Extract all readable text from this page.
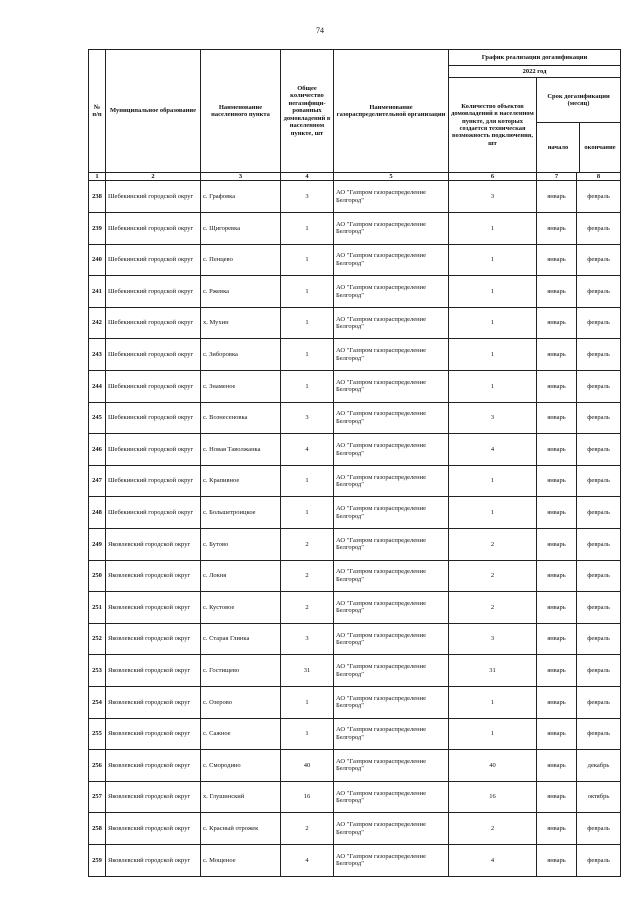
74
№ п/п	Муниципальное образование	Наименование населенного пункта	Общее количество негазифици-рованных домовладений в населенном пункте, шт	Наименование газораспределительной организации	График реализации догазификации		
					2022 год		
					Количество объектов домовладений в населенном пункте, для которых создается техническая возможность подключения, шт	Срок догазификации (месяц)
начало окончание	

1	2	3	4	5	6	7	8
238	Шебекинский городской округ	с. Графовка	3	АО "Газпром газораспределение Белгород"	3	январь	февраль
239	Шебекинский городской округ	с. Щигоревка	1	АО "Газпром газораспределение Белгород"	1	январь	февраль
240	Шебекинский городской округ	с. Пенцево	1	АО "Газпром газораспределение Белгород"	1	январь	февраль
241	Шебекинский городской округ	с. Ржевка	1	АО "Газпром газораспределение Белгород"	1	январь	февраль
242	Шебекинский городской округ	х. Мухин	1	АО "Газпром газораспределение Белгород"	1	январь	февраль
243	Шебекинский городской округ	с. Зиборовка	1	АО "Газпром газораспределение Белгород"	1	январь	февраль
244	Шебекинский городской округ	с. Знаменое	1	АО "Газпром газораспределение Белгород"	1	январь	февраль
245	Шебекинский городской округ	с. Вознесеновка	3	АО "Газпром газораспределение Белгород"	3	январь	февраль
246	Шебекинский городской округ	с. Новая Таволжанка	4	АО "Газпром газораспределение Белгород"	4	январь	февраль
247	Шебекинский городской округ	с. Крапивное	1	АО "Газпром газораспределение Белгород"	1	январь	февраль
248	Шебекинский городской округ	с. Большетроицкое	1	АО "Газпром газораспределение Белгород"	1	январь	февраль
249	Яковлевский городской округ	с. Бутово	2	АО "Газпром газораспределение Белгород"	2	январь	февраль
250	Яковлевский городской округ	с. Локня	2	АО "Газпром газораспределение Белгород"	2	январь	февраль
251	Яковлевский городской округ	с. Кустовое	2	АО "Газпром газораспределение Белгород"	2	январь	февраль
252	Яковлевский городской округ	с. Старая Глинка	3	АО "Газпром газораспределение Белгород"	3	январь	февраль
253	Яковлевский городской округ	с. Гостищево	31	АО "Газпром газораспределение Белгород"	31	январь	февраль
254	Яковлевский городской округ	с. Озерово	1	АО "Газпром газораспределение Белгород"	1	январь	февраль
255	Яковлевский городской округ	с. Сажное	1	АО "Газпром газораспределение Белгород"	1	январь	февраль
256	Яковлевский городской округ	с. Смородино	40	АО "Газпром газораспределение Белгород"	40	январь	декабрь
257	Яковлевский городской округ	х. Глушинский	16	АО "Газпром газораспределение Белгород"	16	январь	октябрь
258	Яковлевский городской округ	с. Красный отрожек	2	АО "Газпром газораспределение Белгород"	2	январь	февраль
259	Яковлевский городской округ	с. Мощеное	4	АО "Газпром газораспределение Белгород"	4	январь	февраль
